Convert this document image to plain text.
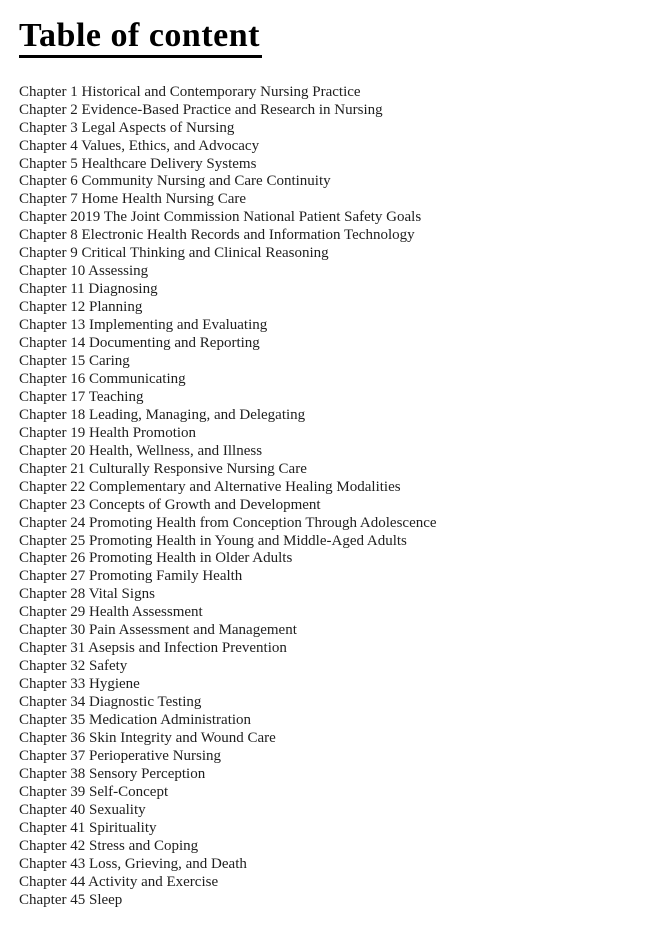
Table of content
Chapter 1 Historical and Contemporary Nursing Practice
Chapter 2 Evidence-Based Practice and Research in Nursing
Chapter 3 Legal Aspects of Nursing
Chapter 4 Values, Ethics, and Advocacy
Chapter 5 Healthcare Delivery Systems
Chapter 6 Community Nursing and Care Continuity
Chapter 7 Home Health Nursing Care
Chapter 2019 The Joint Commission National Patient Safety Goals
Chapter 8 Electronic Health Records and Information Technology
Chapter 9 Critical Thinking and Clinical Reasoning
Chapter 10 Assessing
Chapter 11 Diagnosing
Chapter 12 Planning
Chapter 13 Implementing and Evaluating
Chapter 14 Documenting and Reporting
Chapter 15 Caring
Chapter 16 Communicating
Chapter 17 Teaching
Chapter 18 Leading, Managing, and Delegating
Chapter 19 Health Promotion
Chapter 20 Health, Wellness, and Illness
Chapter 21 Culturally Responsive Nursing Care
Chapter 22 Complementary and Alternative Healing Modalities
Chapter 23 Concepts of Growth and Development
Chapter 24 Promoting Health from Conception Through Adolescence
Chapter 25 Promoting Health in Young and Middle-Aged Adults
Chapter 26 Promoting Health in Older Adults
Chapter 27 Promoting Family Health
Chapter 28 Vital Signs
Chapter 29 Health Assessment
Chapter 30 Pain Assessment and Management
Chapter 31 Asepsis and Infection Prevention
Chapter 32 Safety
Chapter 33 Hygiene
Chapter 34 Diagnostic Testing
Chapter 35 Medication Administration
Chapter 36 Skin Integrity and Wound Care
Chapter 37 Perioperative Nursing
Chapter 38 Sensory Perception
Chapter 39 Self-Concept
Chapter 40 Sexuality
Chapter 41 Spirituality
Chapter 42 Stress and Coping
Chapter 43 Loss, Grieving, and Death
Chapter 44 Activity and Exercise
Chapter 45 Sleep
